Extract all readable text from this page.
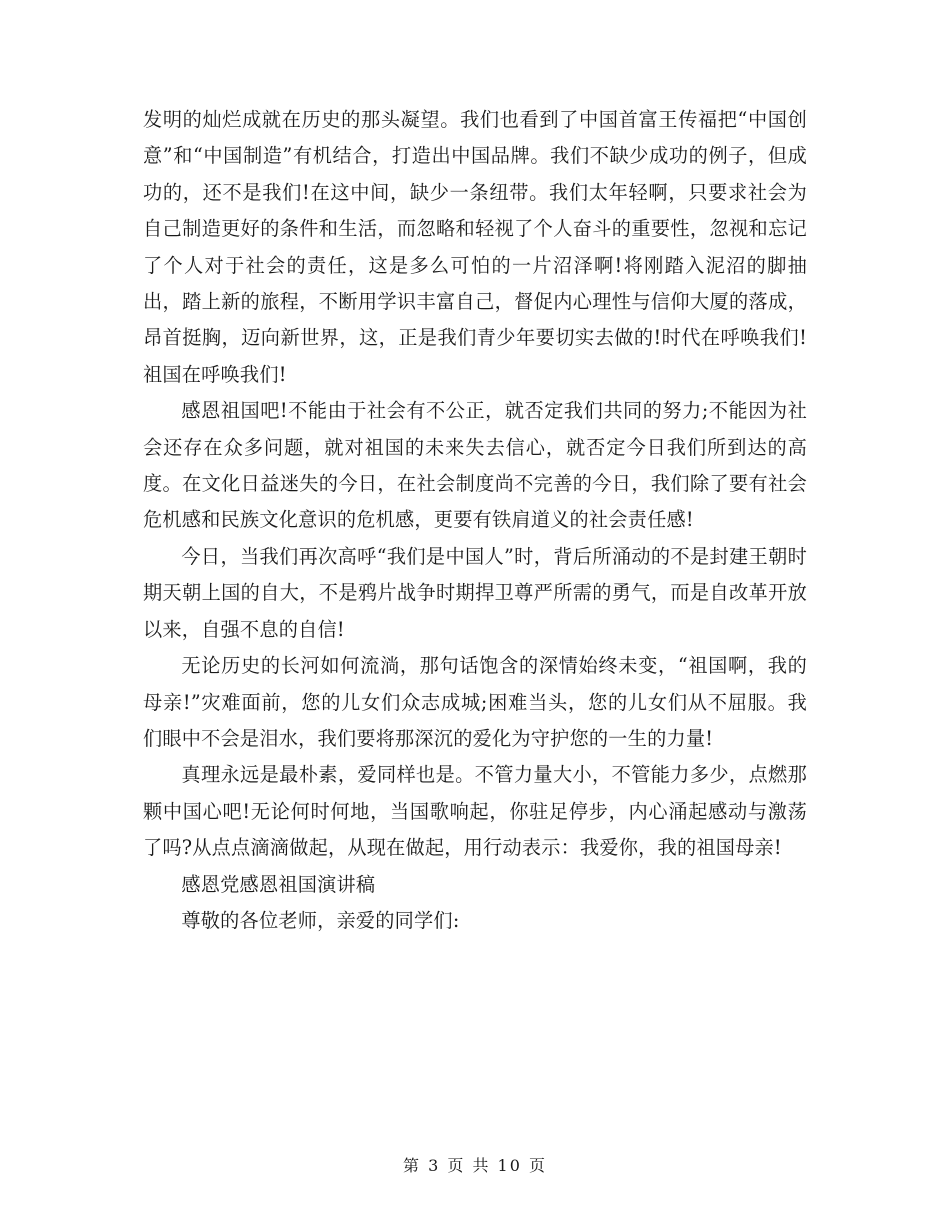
发明的灿烂成就在历史的那头凝望。我们也看到了中国首富王传福把“中国创意”和“中国制造”有机结合，打造出中国品牌。我们不缺少成功的例子，但成功的，还不是我们!在这中间，缺少一条纽带。我们太年轻啊，只要求社会为自己制造更好的条件和生活，而忽略和轻视了个人奋斗的重要性，忽视和忘记了个人对于社会的责任，这是多么可怕的一片沼泽啊!将刚踏入泥沼的脚抽出，踏上新的旅程，不断用学识丰富自己，督促内心理性与信仰大厦的落成，昂首挺胸，迈向新世界，这，正是我们青少年要切实去做的!时代在呼唤我们!祖国在呼唤我们!

感恩祖国吧!不能由于社会有不公正，就否定我们共同的努力;不能因为社会还存在众多问题，就对祖国的未来失去信心，就否定今日我们所到达的高度。在文化日益迷失的今日，在社会制度尚不完善的今日，我们除了要有社会危机感和民族文化意识的危机感，更要有铁肩道义的社会责任感!

今日，当我们再次高呼“我们是中国人”时，背后所涌动的不是封建王朝时期天朝上国的自大，不是鸦片战争时期捍卫尊严所需的勇气，而是自改革开放以来，自强不息的自信!

无论历史的长河如何流淌，那句话饱含的深情始终未变，“祖国啊，我的母亲!”灾难面前，您的儿女们众志成城;困难当头，您的儿女们从不屈服。我们眼中不会是泪水，我们要将那深沉的爱化为守护您的一生的力量!

真理永远是最朴素，爱同样也是。不管力量大小，不管能力多少，点燃那颗中国心吧!无论何时何地，当国歌响起，你驻足停步，内心涌起感动与激荡了吗?从点点滴滴做起，从现在做起，用行动表示：我爱你，我的祖国母亲!

感恩党感恩祖国演讲稿

尊敬的各位老师，亲爱的同学们:

第 3 页 共 10 页
